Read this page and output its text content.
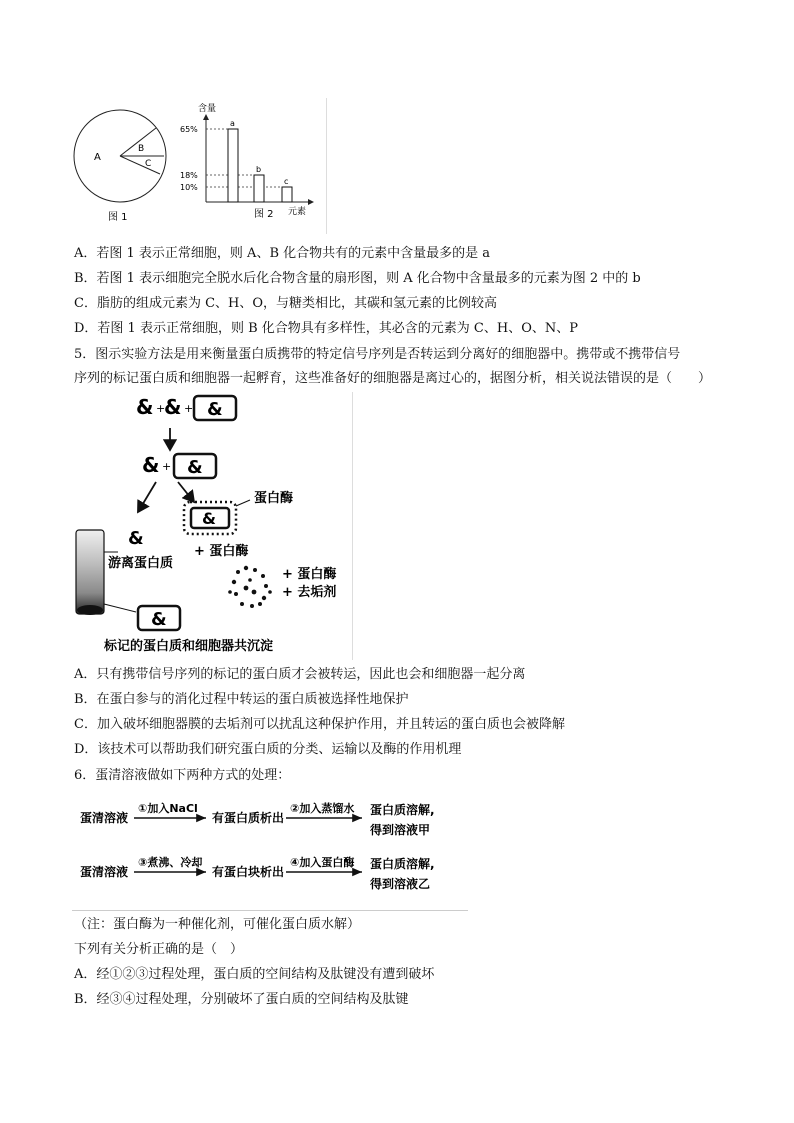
A
B
C
图 1
含量
元素
图 2
65%
18%
10%
a
b
c
A．若图 1 表示正常细胞，则 A、B 化合物共有的元素中含量最多的是 a
B．若图 1 表示细胞完全脱水后化合物含量的扇形图，则 A 化合物中含量最多的元素为图 2 中的 b
C．脂肪的组成元素为 C、H、O，与糖类相比，其碳和氢元素的比例较高
D．若图 1 表示正常细胞，则 B 化合物具有多样性，其必含的元素为 C、H、O、N、P
5．图示实验方法是用来衡量蛋白质携带的特定信号序列是否转运到分离好的细胞器中。携带或不携带信号
序列的标记蛋白质和细胞器一起孵育，这些准备好的细胞器是离过心的，据图分析，相关说法错误的是（　　）
& +
& + &
& + &
&
蛋白酶
+ 蛋白酶
&
游离蛋白质
&
+ 蛋白酶
+ 去垢剂
标记的蛋白质和细胞器共沉淀
A．只有携带信号序列的标记的蛋白质才会被转运，因此也会和细胞器一起分离
B．在蛋白参与的消化过程中转运的蛋白质被选择性地保护
C．加入破坏细胞器膜的去垢剂可以扰乱这种保护作用，并且转运的蛋白质也会被降解
D．该技术可以帮助我们研究蛋白质的分类、运输以及酶的作用机理
6．蛋清溶液做如下两种方式的处理：
蛋清溶液
①加入NaCl
有蛋白质析出
②加入蒸馏水 蛋白质溶解,
得到溶液甲
蛋清溶液
③煮沸、冷却
有蛋白块析出
④加入蛋白酶 蛋白质溶解,
得到溶液乙
（注：蛋白酶为一种催化剂，可催化蛋白质水解）
下列有关分析正确的是（　）
A．经①②③过程处理，蛋白质的空间结构及肽键没有遭到破坏
B．经③④过程处理，分别破坏了蛋白质的空间结构及肽键
